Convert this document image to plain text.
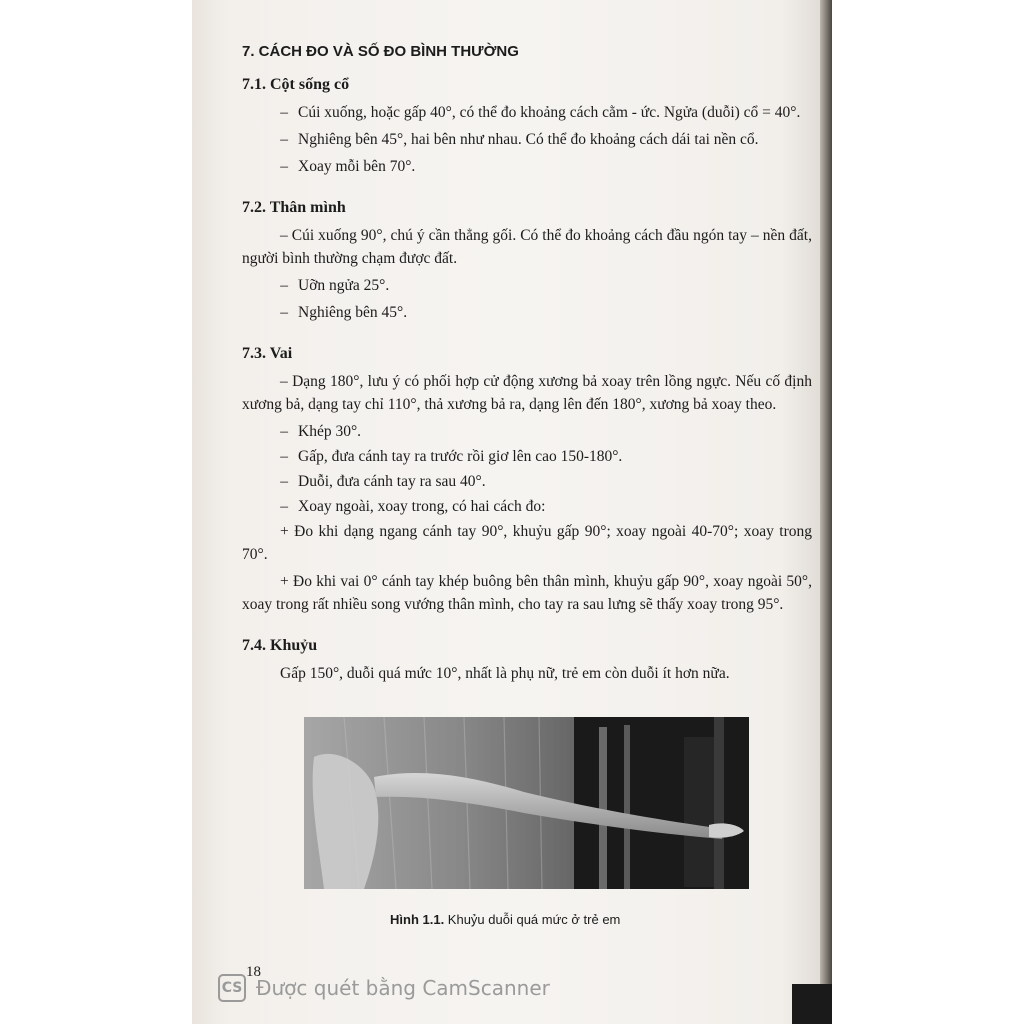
7. CÁCH ĐO VÀ SỐ ĐO BÌNH THƯỜNG
7.1. Cột sống cổ
– Cúi xuống, hoặc gấp 40°, có thể đo khoảng cách cằm - ức. Ngửa (duỗi) cổ = 40°.
– Nghiêng bên 45°, hai bên như nhau. Có thể đo khoảng cách dái tai nền cổ.
– Xoay mỗi bên 70°.
7.2. Thân mình
– Cúi xuống 90°, chú ý cần thẳng gối. Có thể đo khoảng cách đầu ngón tay – nền đất, người bình thường chạm được đất.
– Uỡn ngửa 25°.
– Nghiêng bên 45°.
7.3. Vai
– Dạng 180°, lưu ý có phối hợp cử động xương bả xoay trên lồng ngực. Nếu cố định xương bả, dạng tay chỉ 110°, thả xương bả ra, dạng lên đến 180°, xương bả xoay theo.
– Khép 30°.
– Gấp, đưa cánh tay ra trước rồi giơ lên cao 150-180°.
– Duỗi, đưa cánh tay ra sau 40°.
– Xoay ngoài, xoay trong, có hai cách đo:
+ Đo khi dạng ngang cánh tay 90°, khuỷu gấp 90°; xoay ngoài 40-70°; xoay trong 70°.
+ Đo khi vai 0° cánh tay khép buông bên thân mình, khuỷu gấp 90°, xoay ngoài 50°, xoay trong rất nhiều song vướng thân mình, cho tay ra sau lưng sẽ thấy xoay trong 95°.
7.4. Khuỷu
Gấp 150°, duỗi quá mức 10°, nhất là phụ nữ, trẻ em còn duỗi ít hơn nữa.
Hình 1.1. Khuỷu duỗi quá mức ở trẻ em
18
CS Được quét bằng CamScanner
